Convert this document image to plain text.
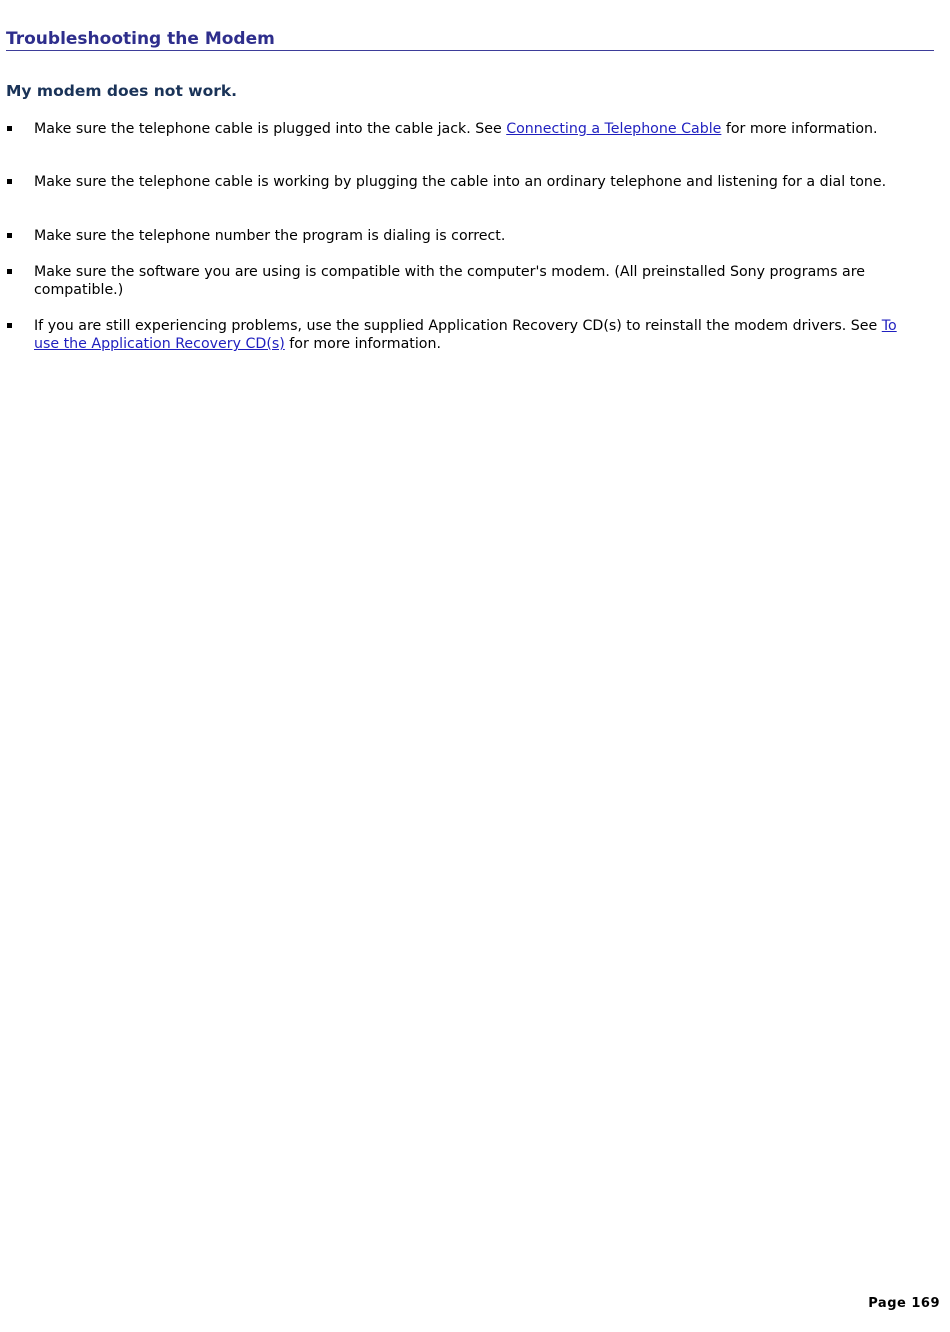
Troubleshooting the Modem
My modem does not work.

Make sure the telephone cable is plugged into the cable jack. See Connecting a Telephone Cable for more information.

Make sure the telephone cable is working by plugging the cable into an ordinary telephone and listening for a dial tone.

Make sure the telephone number the program is dialing is correct.

Make sure the software you are using is compatible with the computer's modem. (All preinstalled Sony programs are compatible.)

If you are still experiencing problems, use the supplied Application Recovery CD(s) to reinstall the modem drivers. See To use the Application Recovery CD(s) for more information.

Page 169
